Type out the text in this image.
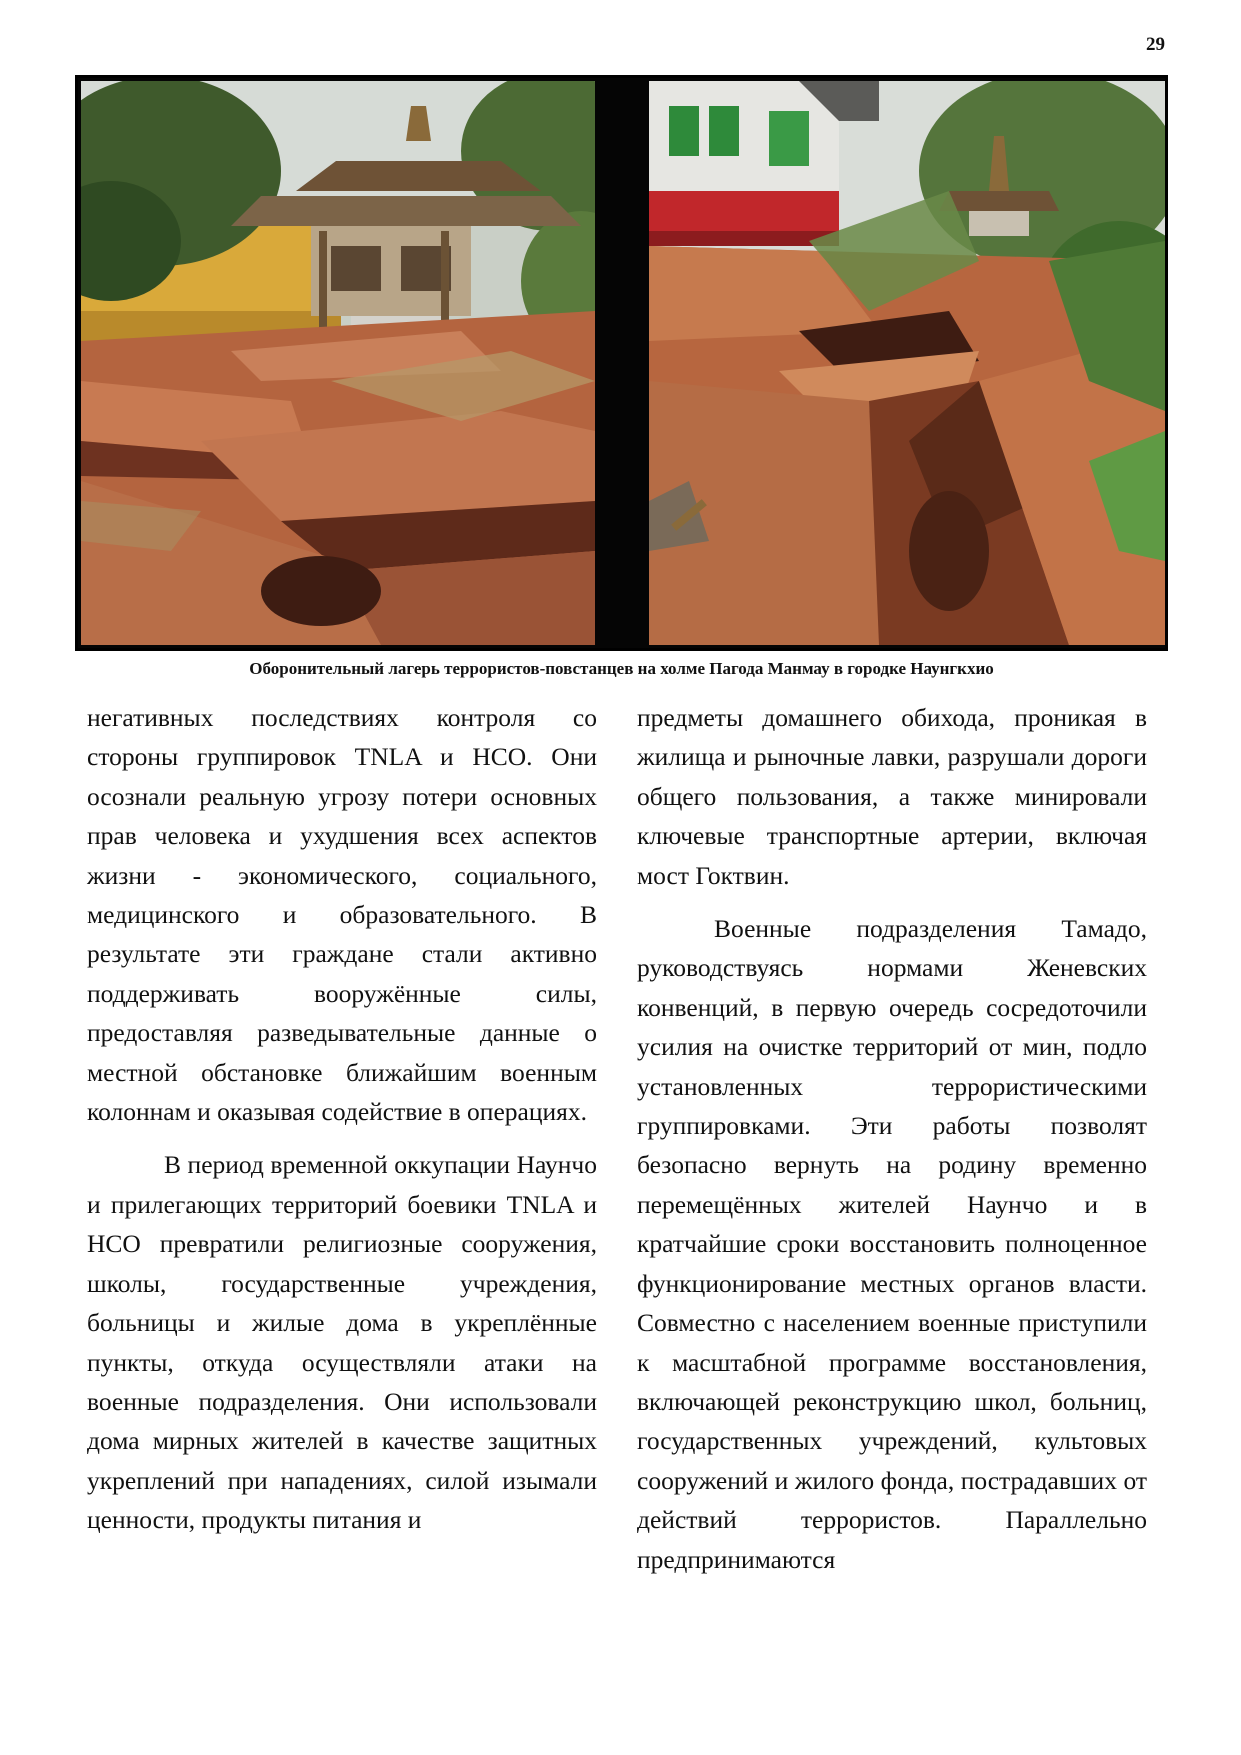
29
Оборонительный лагерь террористов-повстанцев на холме Пагода Манмау в городке Наунгкхио

негативных последствиях контроля со стороны группировок TNLA и НСО. Они осознали реальную угрозу потери основных прав человека и ухудшения всех аспектов жизни - экономического, социального, медицинского и образовательного. В результате эти граждане стали активно поддерживать вооружённые силы, предоставляя разведывательные данные о местной обстановке ближайшим военным колоннам и оказывая содействие в операциях.

В период временной оккупации Наунчо и прилегающих территорий боевики TNLA и НСО превратили религиозные сооружения, школы, государственные учреждения, больницы и жилые дома в укреплённые пункты, откуда осуществляли атаки на военные подразделения. Они использовали дома мирных жителей в качестве защитных укреплений при нападениях, силой изымали ценности, продукты питания и

предметы домашнего обихода, проникая в жилища и рыночные лавки, разрушали дороги общего пользования, а также минировали ключевые транспортные артерии, включая мост Гоктвин.

Военные подразделения Тамадо, руководствуясь нормами Женевских конвенций, в первую очередь сосредоточили усилия на очистке территорий от мин, подло установленных террористическими группировками. Эти работы позволят безопасно вернуть на родину временно перемещённых жителей Наунчо и в кратчайшие сроки восстановить полноценное функционирование местных органов власти. Совместно с населением военные приступили к масштабной программе восстановления, включающей реконструкцию школ, больниц, государственных учреждений, культовых сооружений и жилого фонда, пострадавших от действий террористов. Параллельно предпринимаются
